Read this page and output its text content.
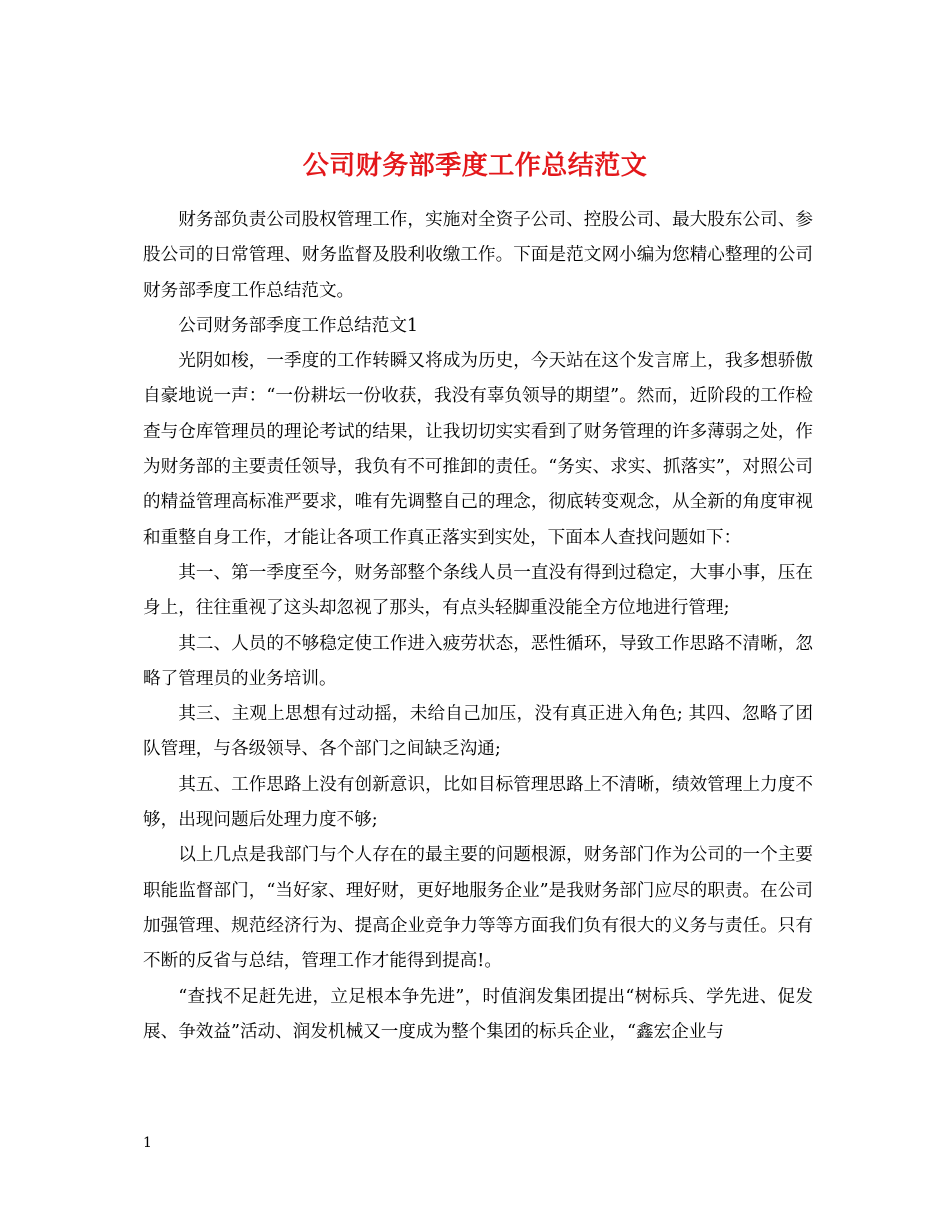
公司财务部季度工作总结范文

财务部负责公司股权管理工作，实施对全资子公司、控股公司、最大股东公司、参股公司的日常管理、财务监督及股利收缴工作。下面是范文网小编为您精心整理的公司财务部季度工作总结范文。

公司财务部季度工作总结范文1

光阴如梭，一季度的工作转瞬又将成为历史，今天站在这个发言席上，我多想骄傲自豪地说一声：“一份耕坛一份收获，我没有辜负领导的期望”。然而，近阶段的工作检查与仓库管理员的理论考试的结果，让我切切实实看到了财务管理的许多薄弱之处，作为财务部的主要责任领导，我负有不可推卸的责任。“务实、求实、抓落实”，对照公司的精益管理高标准严要求，唯有先调整自己的理念，彻底转变观念，从全新的角度审视和重整自身工作，才能让各项工作真正落实到实处，下面本人查找问题如下：

其一、第一季度至今，财务部整个条线人员一直没有得到过稳定，大事小事，压在身上，往往重视了这头却忽视了那头，有点头轻脚重没能全方位地进行管理;

其二、人员的不够稳定使工作进入疲劳状态，恶性循环，导致工作思路不清晰，忽略了管理员的业务培训。

其三、主观上思想有过动摇，未给自己加压，没有真正进入角色; 其四、忽略了团队管理，与各级领导、各个部门之间缺乏沟通;

其五、工作思路上没有创新意识，比如目标管理思路上不清晰，绩效管理上力度不够，出现问题后处理力度不够;

以上几点是我部门与个人存在的最主要的问题根源，财务部门作为公司的一个主要职能监督部门，“当好家、理好财，更好地服务企业”是我财务部门应尽的职责。在公司加强管理、规范经济行为、提高企业竞争力等等方面我们负有很大的义务与责任。只有不断的反省与总结，管理工作才能得到提高!。

“查找不足赶先进，立足根本争先进”，时值润发集团提出“树标兵、学先进、促发展、争效益”活动、润发机械又一度成为整个集团的标兵企业，“鑫宏企业与

1
